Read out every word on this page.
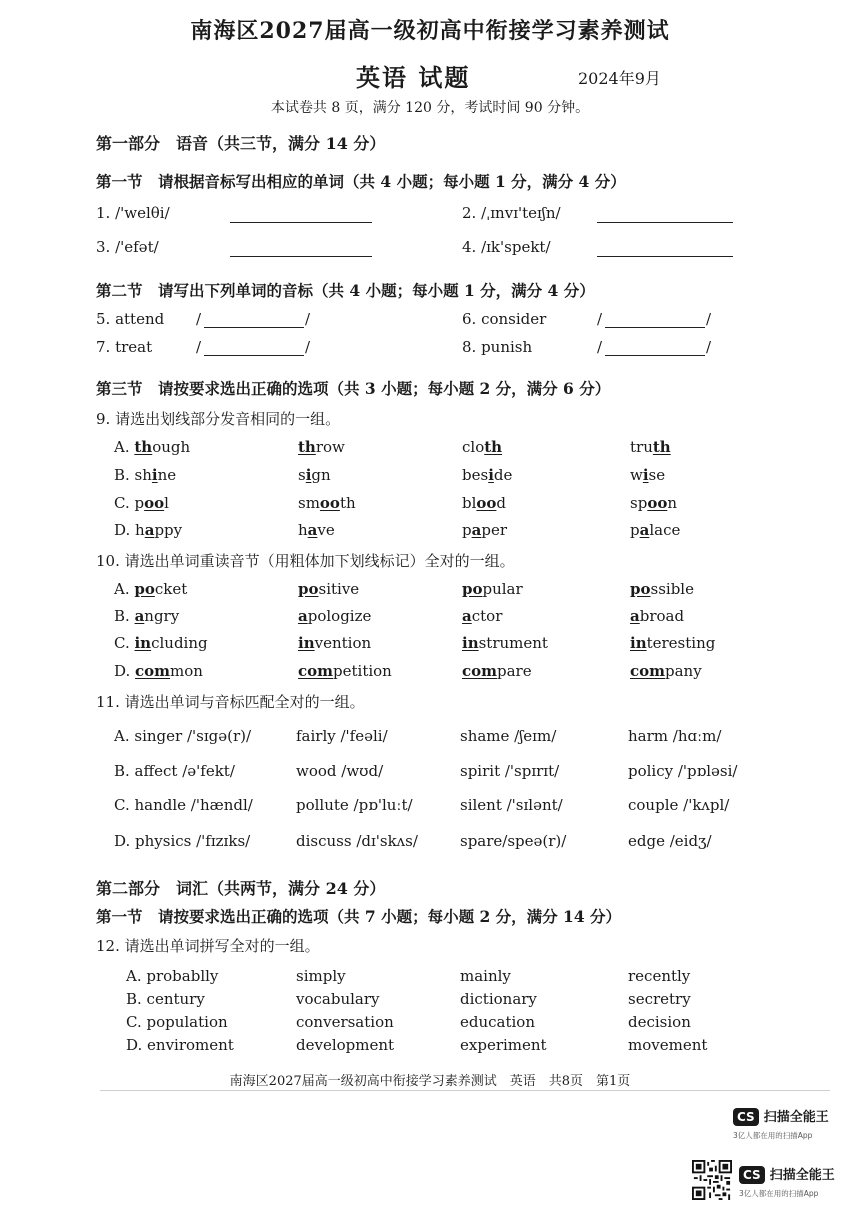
南海区2027届高一级初高中衔接学习素养测试
英语 试题	2024年9月
本试卷共 8 页，满分 120 分，考试时间 90 分钟。
第一部分　语音（共三节，满分 14 分）
第一节　请根据音标写出相应的单词（共 4 小题；每小题 1 分，满分 4 分）
1. /'welθi/	2. /ˌɪnvɪ'teɪʃn/
3. /'efət/	4. /ɪk'spekt/
第二节　请写出下列单词的音标（共 4 小题；每小题 1 分，满分 4 分）
5. attend /	/	6. consider	/	/
7. treat	/	/	8. punish	/	/
第三节　请按要求选出正确的选项（共 3 小题；每小题 2 分，满分 6 分）
9. 请选出划线部分发音相同的一组。
A. though	throw	cloth	truth
B. shine	sign	beside	wise
C. pool	smooth	blood	spoon
D. happy	have	paper	palace
10. 请选出单词重读音节（用粗体加下划线标记）全对的一组。
A. pocket	positive	popular	possible
B. angry	apologize	actor	abroad
C. including	invention	instrument	interesting
D. common	competition	compare	company
11. 请选出单词与音标匹配全对的一组。
A. singer /'sɪgə(r)/	fairly /'feəli/	shame /ʃeɪm/	harm /hɑːm/
B. affect /ə'fekt/	wood /wʊd/	spirit /'spɪrɪt/	policy /'pɒləsi/
C. handle /'hændl/	pollute /pɒ'luːt/	silent /'sɪlənt/	couple /'kʌpl/
D. physics /'fɪzɪks/	discuss /dɪ'skʌs/	spare/speə(r)/	edge /eidʒ/
第二部分　词汇（共两节，满分 24 分）
第一节　请按要求选出正确的选项（共 7 小题；每小题 2 分，满分 14 分）
12. 请选出单词拼写全对的一组。
A. probablly	simply	mainly	recently
B. century	vocabulary	dictionary	secretry
C. population	conversation	education	decision
D. enviroment	development	experiment	movement
南海区2027届高一级初高中衔接学习素养测试　英语　共8页　第1页
CS 扫描全能王
3亿人都在用的扫描App
CS 扫描全能王
3亿人都在用的扫描App
